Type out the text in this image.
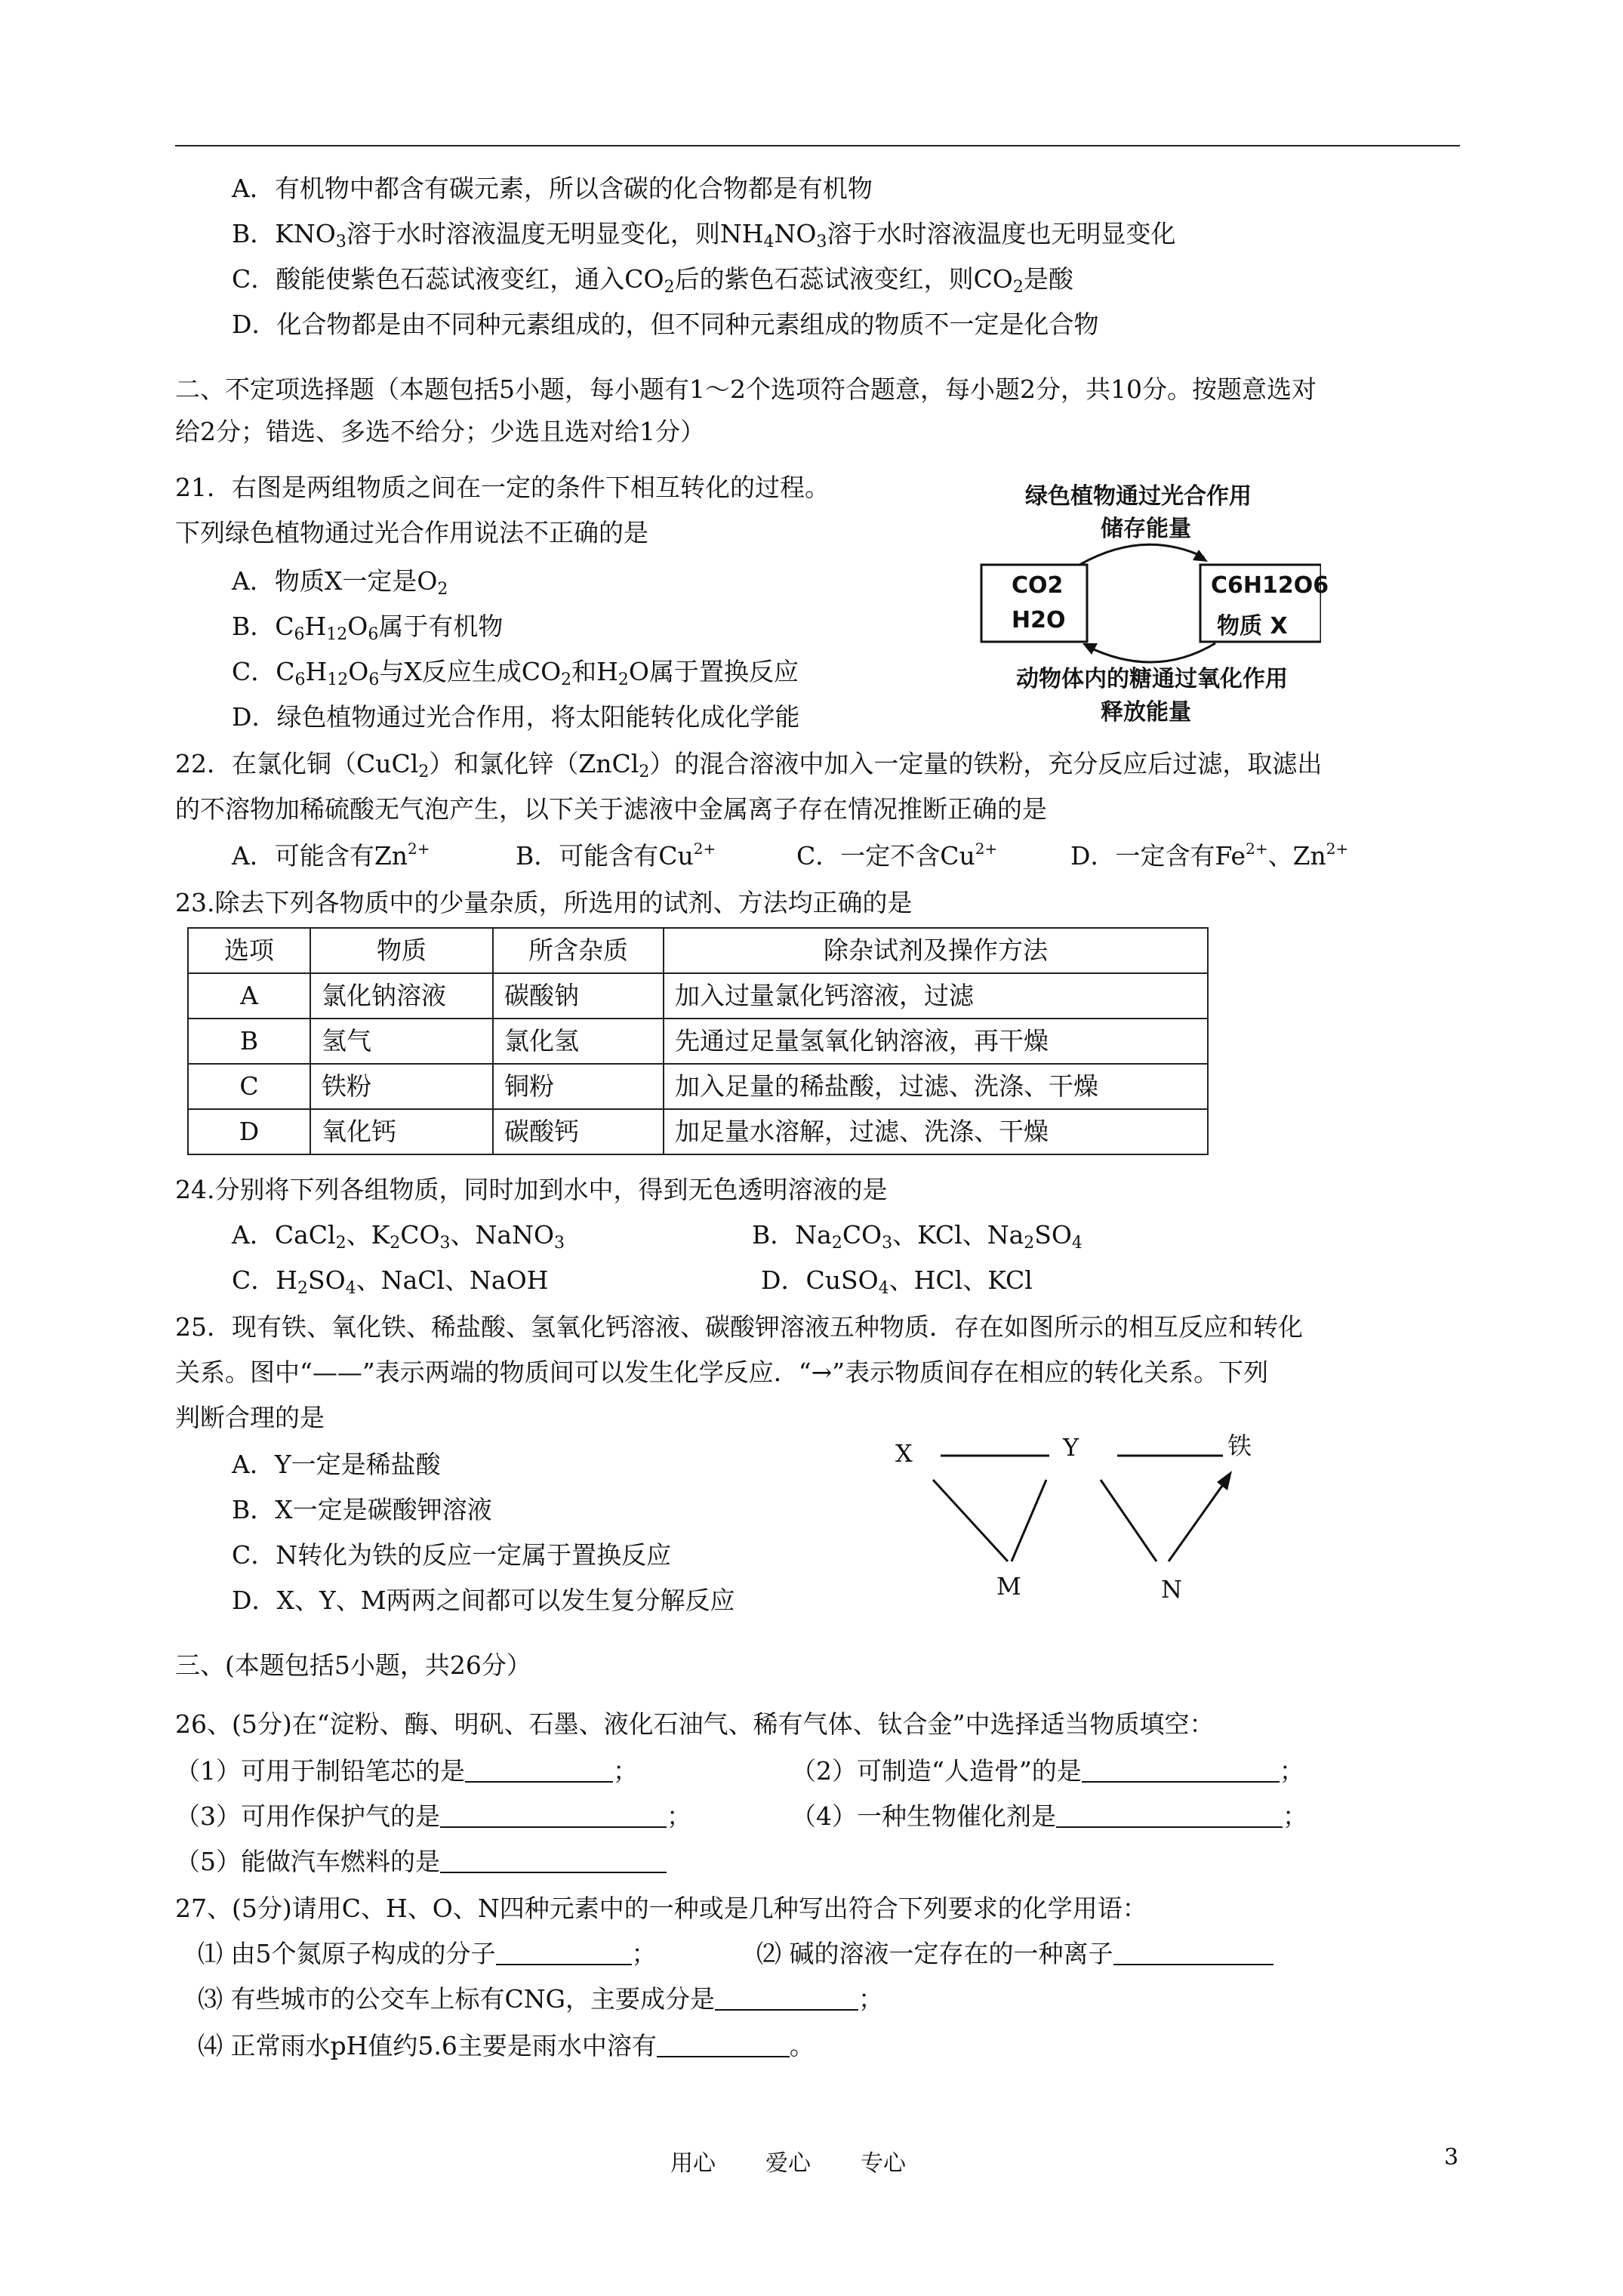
A．有机物中都含有碳元素，所以含碳的化合物都是有机物
B．$KNO_3$溶于水时溶液温度无明显变化，则$NH_4NO_3$溶于水时溶液温度也无明显变化
C．酸能使紫色石蕊试液变红，通入$CO_2$后的紫色石蕊试液变红，则$CO_2$是酸
D．化合物都是由不同种元素组成的，但不同种元素组成的物质不一定是化合物
二、不定项选择题（本题包括5小题，每小题有1～2个选项符合题意，每小题2分，共10分。按题意选对
给2分；错选、多选不给分；少选且选对给1分）
21．右图是两组物质之间在一定的条件下相互转化的过程。
下列绿色植物通过光合作用说法不正确的是
A．物质X一定是$O_2$
B．$C_6H_{12}O_6$属于有机物
C．$C_6H_{12}O_6$与X反应生成$CO_2$和$H_2O$属于置换反应
D．绿色植物通过光合作用，将太阳能转化成化学能
绿色植物通过光合作用
储存能量
CO2
H2O
C6H12O6
物质 X
动物体内的糖通过氧化作用
释放能量
22．在氯化铜（CuCl$_2$）和氯化锌（ZnCl$_2$）的混合溶液中加入一定量的铁粉，充分反应后过滤，取滤出
的不溶物加稀硫酸无气泡产生，以下关于滤液中金属离子存在情况推断正确的是
A．可能含有$Zn^{2+}$	B．可能含有$Cu^{2+}$	C．一定不含$Cu^{2+}$	D．一定含有$Fe^{2+}$、$Zn^{2+}$
23.除去下列各物质中的少量杂质，所选用的试剂、方法均正确的是
选项	物质	所含杂质	除杂试剂及操作方法
A	氯化钠溶液	碳酸钠	加入过量氯化钙溶液，过滤
B	氢气	氯化氢	先通过足量氢氧化钠溶液，再干燥
C	铁粉	铜粉	加入足量的稀盐酸，过滤、洗涤、干燥
D	氧化钙	碳酸钙	加足量水溶解，过滤、洗涤、干燥
24.分别将下列各组物质，同时加到水中，得到无色透明溶液的是
A．CaCl$_2$、$K_2CO_3$、NaNO$_3$	B．$Na_2CO_3$、KCl、$Na_2SO_4$
C．$H_2SO_4$、NaCl、NaOH	D．CuSO$_4$、HCl、KCl
25．现有铁、氧化铁、稀盐酸、氢氧化钙溶液、碳酸钾溶液五种物质．存在如图所示的相互反应和转化
关系。图中“——”表示两端的物质间可以发生化学反应．“→”表示物质间存在相应的转化关系。下列
判断合理的是
A．Y一定是稀盐酸
B．X一定是碳酸钾溶液
C．N转化为铁的反应一定属于置换反应
D．X、Y、M两两之间都可以发生复分解反应
X	Y	铁
M	N
三、(本题包括5小题，共26分）
26、(5分)在“淀粉、酶、明矾、石墨、液化石油气、稀有气体、钛合金”中选择适当物质填空：
（1）可用于制铅笔芯的是	；	（2）可制造“人造骨”的是	；
（3）可用作保护气的是	；	（4）一种生物催化剂是	；
（5）能做汽车燃料的是
27、(5分)请用C、H、O、N四种元素中的一种或是几种写出符合下列要求的化学用语：
⑴ 由5个氮原子构成的分子	；	⑵ 碱的溶液一定存在的一种离子
⑶ 有些城市的公交车上标有CNG，主要成分是	；
⑷ 正常雨水pH值约5.6主要是雨水中溶有	。
用心 爱心 专心	3
